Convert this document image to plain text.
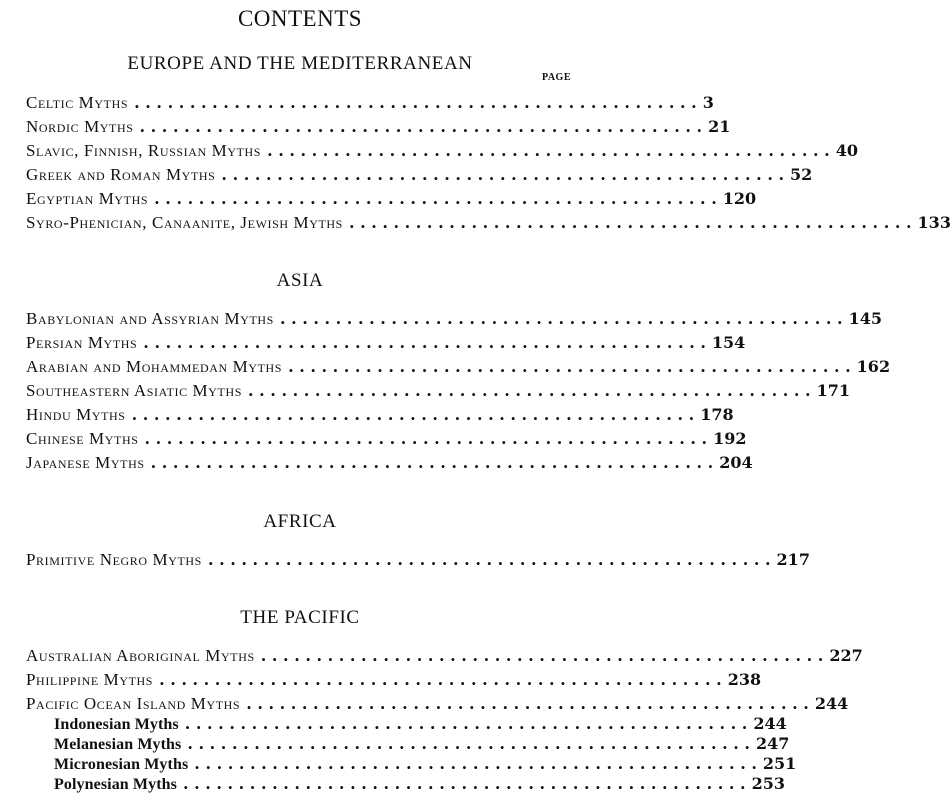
CONTENTS
PAGE
EUROPE AND THE MEDITERRANEAN
Celtic Myths . . . . . . . . . . . . . . . . . . . . . . . . . . . . . . . . . . . . . . . . . . . . . . . . . . . 3
Nordic Myths . . . . . . . . . . . . . . . . . . . . . . . . . . . . . . . . . . . . . . . . . . . . . . . . . . . 21
Slavic, Finnish, Russian Myths . . . . . . . . . . . . . . . . . . . . . . . . . . . . . . . . . . . . . . . . . . . . . . . . . . . 40
Greek and Roman Myths . . . . . . . . . . . . . . . . . . . . . . . . . . . . . . . . . . . . . . . . . . . . . . . . . . . 52
Egyptian Myths . . . . . . . . . . . . . . . . . . . . . . . . . . . . . . . . . . . . . . . . . . . . . . . . . . . 120
Syro-Phenician, Canaanite, Jewish Myths . . . . . . . . . . . . . . . . . . . . . . . . . . . . . . . . . . . . . . . . . . . . . . . . . . . 133
ASIA
Babylonian and Assyrian Myths . . . . . . . . . . . . . . . . . . . . . . . . . . . . . . . . . . . . . . . . . . . . . . . . . . . 145
Persian Myths . . . . . . . . . . . . . . . . . . . . . . . . . . . . . . . . . . . . . . . . . . . . . . . . . . . 154
Arabian and Mohammedan Myths . . . . . . . . . . . . . . . . . . . . . . . . . . . . . . . . . . . . . . . . . . . . . . . . . . . 162
Southeastern Asiatic Myths . . . . . . . . . . . . . . . . . . . . . . . . . . . . . . . . . . . . . . . . . . . . . . . . . . . 171
Hindu Myths . . . . . . . . . . . . . . . . . . . . . . . . . . . . . . . . . . . . . . . . . . . . . . . . . . . 178
Chinese Myths . . . . . . . . . . . . . . . . . . . . . . . . . . . . . . . . . . . . . . . . . . . . . . . . . . . 192
Japanese Myths . . . . . . . . . . . . . . . . . . . . . . . . . . . . . . . . . . . . . . . . . . . . . . . . . . . 204
AFRICA
Primitive Negro Myths . . . . . . . . . . . . . . . . . . . . . . . . . . . . . . . . . . . . . . . . . . . . . . . . . . . 217
THE PACIFIC
Australian Aboriginal Myths . . . . . . . . . . . . . . . . . . . . . . . . . . . . . . . . . . . . . . . . . . . . . . . . . . . 227
Philippine Myths . . . . . . . . . . . . . . . . . . . . . . . . . . . . . . . . . . . . . . . . . . . . . . . . . . . 238
Pacific Ocean Island Myths . . . . . . . . . . . . . . . . . . . . . . . . . . . . . . . . . . . . . . . . . . . . . . . . . . . 244
Indonesian Myths . . . . . . . . . . . . . . . . . . . . . . . . . . . . . . . . . . . . . . . . . . . . . . . . . . . 244
Melanesian Myths . . . . . . . . . . . . . . . . . . . . . . . . . . . . . . . . . . . . . . . . . . . . . . . . . . . 247
Micronesian Myths . . . . . . . . . . . . . . . . . . . . . . . . . . . . . . . . . . . . . . . . . . . . . . . . . . . 251
Polynesian Myths . . . . . . . . . . . . . . . . . . . . . . . . . . . . . . . . . . . . . . . . . . . . . . . . . . . 253
